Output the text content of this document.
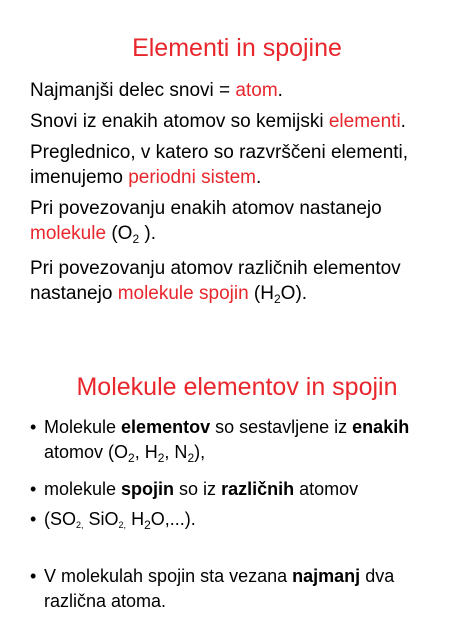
Elementi in spojine
Najmanjši delec snovi = atom.
Snovi iz enakih atomov so kemijski elementi.
Preglednico, v katero so razvrščeni elementi,
imenujemo periodni sistem.
Pri povezovanju enakih atomov nastanejo
molekule ($O_2$ ).
Pri povezovanju atomov različnih elementov
nastanejo molekule spojin $(H_2O)$.
Molekule elementov in spojin
• Molekule elementov so sestavljene iz enakih
atomov ($O_2$, $H_2$, $N_2$),
• molekule spojin so iz različnih atomov
• ($SO_{2,}$ SiO$_{2,}$ $H_2O$,...).
• V molekulah spojin sta vezana najmanj dva
različna atoma.
